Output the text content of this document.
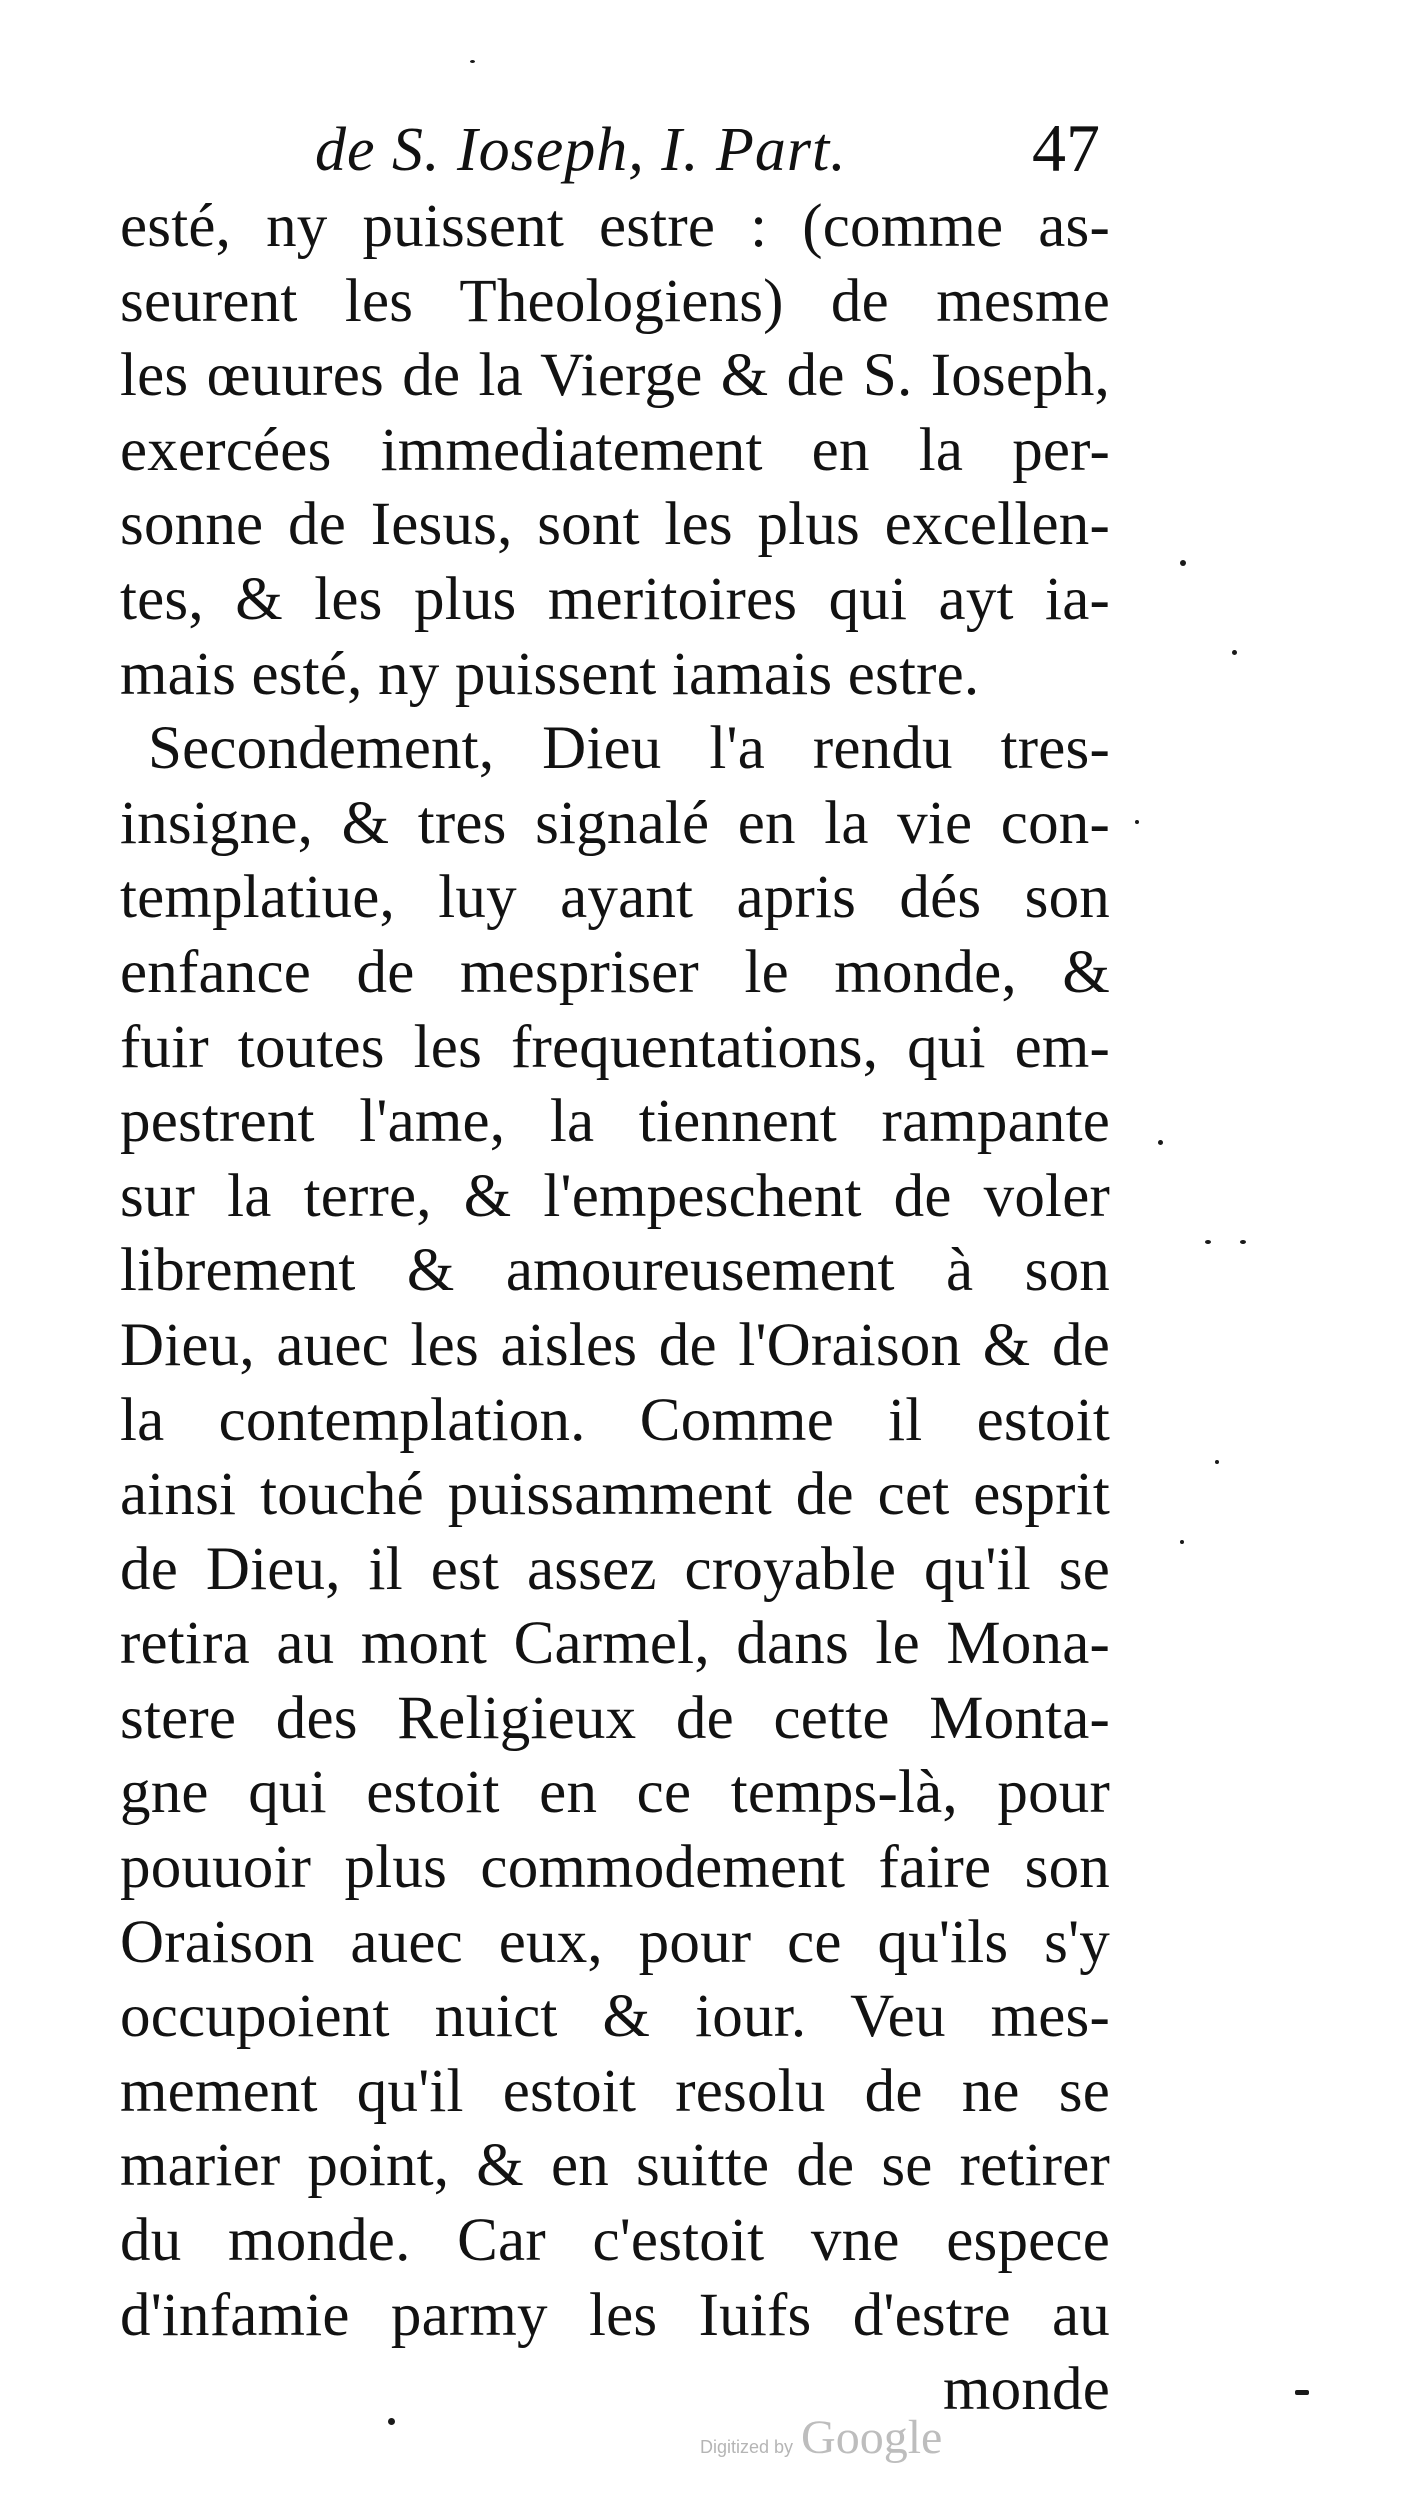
de S. Ioseph, I. Part.	47
esté, ny puissent estre : (comme as-
seurent les Theologiens) de mesme
les œuures de la Vierge & de S. Ioseph,
exercées immediatement en la per-
sonne de Iesus, sont les plus excellen-
tes, & les plus meritoires qui ayt ia-
mais esté, ny puissent iamais estre.
Secondement, Dieu l'a rendu tres-
insigne, & tres signalé en la vie con-
templatiue, luy ayant apris dés son
enfance de mespriser le monde, &
fuir toutes les frequentations, qui em-
pestrent l'ame, la tiennent rampante
sur la terre, & l'empeschent de voler
librement & amoureusement à son
Dieu, auec les aisles de l'Oraison & de
la contemplation. Comme il estoit
ainsi touché puissamment de cet esprit
de Dieu, il est assez croyable qu'il se
retira au mont Carmel, dans le Mona-
stere des Religieux de cette Monta-
gne qui estoit en ce temps-là, pour
pouuoir plus commodement faire son
Oraison auec eux, pour ce qu'ils s'y
occupoient nuict & iour. Veu mes-
mement qu'il estoit resolu de ne se
marier point, & en suitte de se retirer
du monde. Car c'estoit vne espece
d'infamie parmy les Iuifs d'estre au
monde
Digitized by Google
